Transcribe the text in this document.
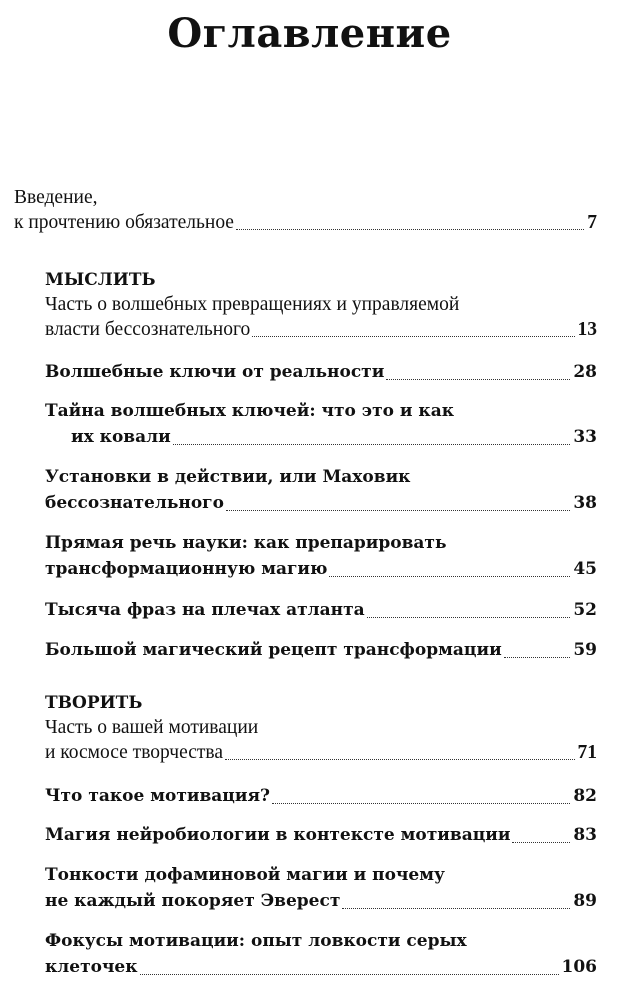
Оглавление
Введение,
к прочтению обязательное	7
МЫСЛИТЬ
Часть о волшебных превращениях и управляемой
власти бессознательного	13
Волшебные ключи от реальности	28
Тайна волшебных ключей: что это и как
их ковали	33
Установки в действии, или Маховик
бессознательного	38
Прямая речь науки: как препарировать
трансформационную магию	45
Тысяча фраз на плечах атланта	52
Большой магический рецепт трансформации	59
ТВОРИТЬ
Часть о вашей мотивации
и космосе творчества	71
Что такое мотивация?	82
Магия нейробиологии в контексте мотивации	83
Тонкости дофаминовой магии и почему
не каждый покоряет Эверест	89
Фокусы мотивации: опыт ловкости серых
клеточек	106
